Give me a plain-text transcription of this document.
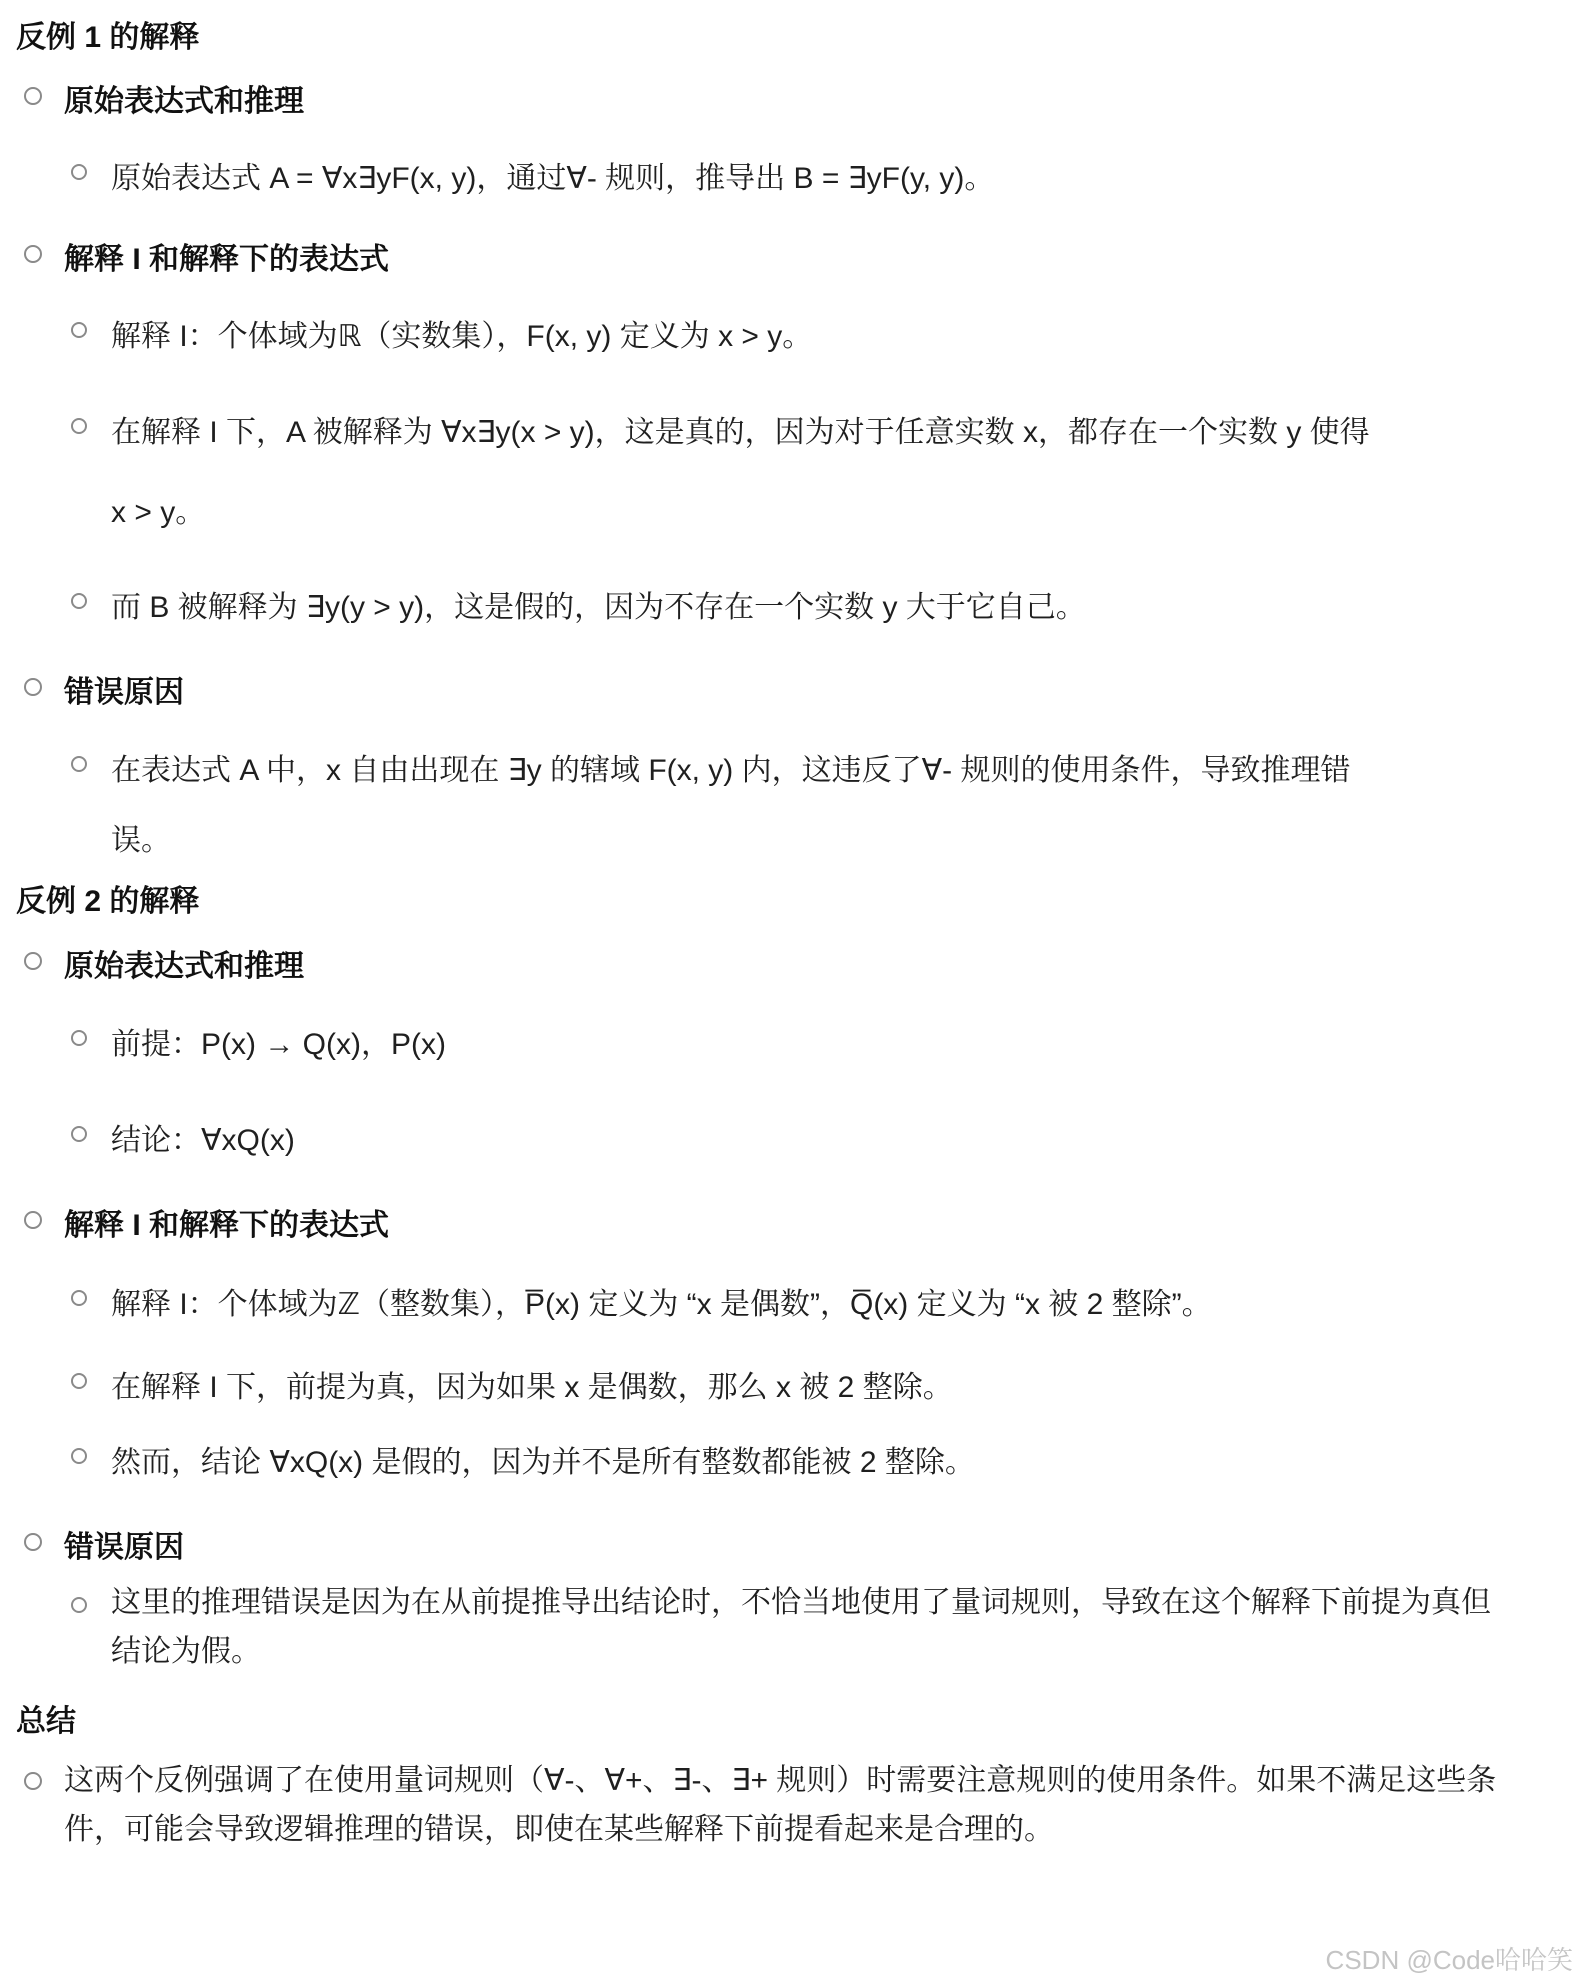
反例 1 的解释
原始表达式和推理
原始表达式 A = ∀x∃yF(x, y)，通过∀- 规则，推导出 B = ∃yF(y, y)。
解释 I 和解释下的表达式
解释 I：个体域为ℝ（实数集），F(x, y) 定义为 x > y。
在解释 I 下，A 被解释为 ∀x∃y(x > y)，这是真的，因为对于任意实数 x，都存在一个实数 y 使得
x > y。
而 B 被解释为 ∃y(y > y)，这是假的，因为不存在一个实数 y 大于它自己。
错误原因
在表达式 A 中，x 自由出现在 ∃y 的辖域 F(x, y) 内，这违反了∀- 规则的使用条件，导致推理错
误。
反例 2 的解释
原始表达式和推理
前提：P(x) → Q(x)，P(x)
结论：∀xQ(x)
解释 I 和解释下的表达式
解释 I：个体域为ℤ（整数集），P̅(x) 定义为 “x 是偶数”，Q̅(x) 定义为 “x 被 2 整除”。
在解释 I 下，前提为真，因为如果 x 是偶数，那么 x 被 2 整除。
然而，结论 ∀xQ(x) 是假的，因为并不是所有整数都能被 2 整除。
错误原因
这里的推理错误是因为在从前提推导出结论时，不恰当地使用了量词规则，导致在这个解释下前提为真但结论为假。
总结
这两个反例强调了在使用量词规则（∀-、∀+、∃-、∃+ 规则）时需要注意规则的使用条件。如果不满足这些条件，可能会导致逻辑推理的错误，即使在某些解释下前提看起来是合理的。
CSDN @Code哈哈笑
